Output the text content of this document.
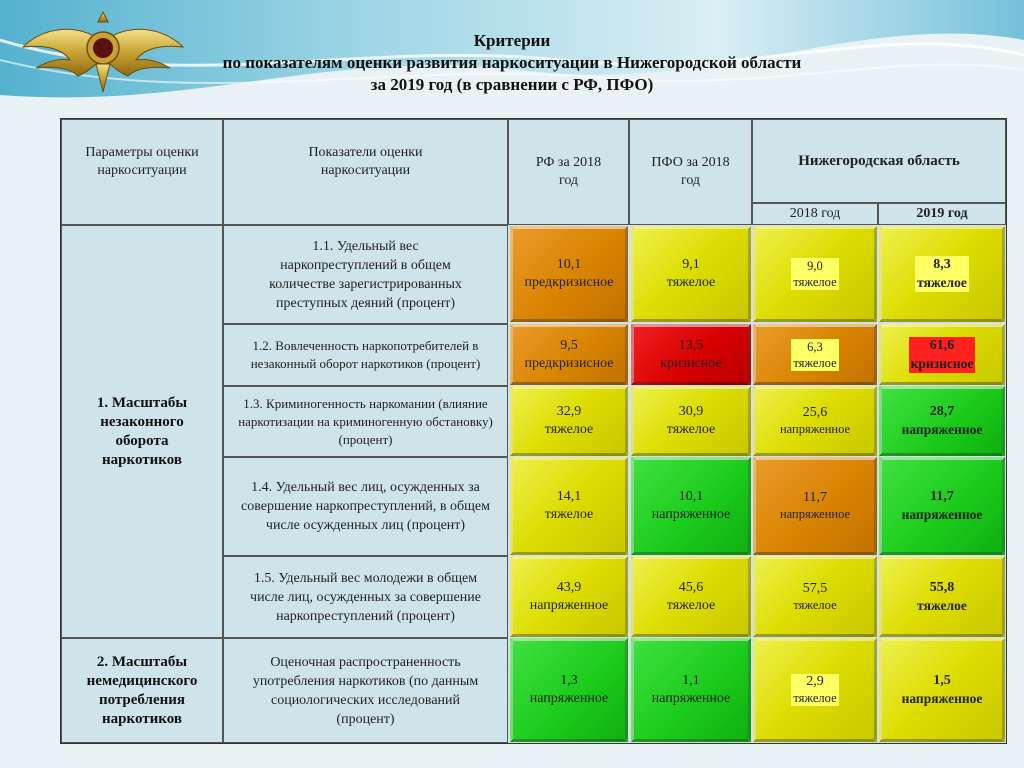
Критерии
по показателям оценки развития наркоситуации в Нижегородской области
за 2019 год (в сравнении с РФ, ПФО)
Параметры оценки наркоситуации
Показатели оценки наркоситуации
РФ за 2018 год
ПФО за 2018 год
Нижегородская область
2018 год	2019 год
1. Масштабы незаконного оборота наркотиков
2. Масштабы немедицинского потребления наркотиков
1.1. Удельный вес наркопреступлений в общем количестве зарегистрированных преступных деяний (процент)
1.2. Вовлеченность наркопотребителей в незаконный оборот наркотиков (процент)
1.3. Криминогенность наркомании (влияние наркотизации на криминогенную обстановку) (процент)
1.4. Удельный вес лиц, осужденных за совершение наркопреступлений, в общем числе осужденных лиц (процент)
1.5. Удельный вес молодежи в общем числе лиц, осужденных за совершение наркопреступлений (процент)
Оценочная распространенность употребления наркотиков (по данным социологических исследований (процент)
10,1
предкризисное
9,1
тяжелое
9,0
тяжелое
8,3
тяжелое
9,5
предкризисное
13,5
кризисное
6,3
тяжелое
61,6
кризисное
32,9
тяжелое
30,9
тяжелое
25,6
напряженное
28,7
напряженное
14,1
тяжелое
10,1
напряженное
11,7
напряженное
11,7
напряженное
43,9
напряженное
45,6
тяжелое
57,5
тяжелое
55,8
тяжелое
1,3
напряженное
1,1
напряженное
2,9
тяжелое
1,5
напряженное
